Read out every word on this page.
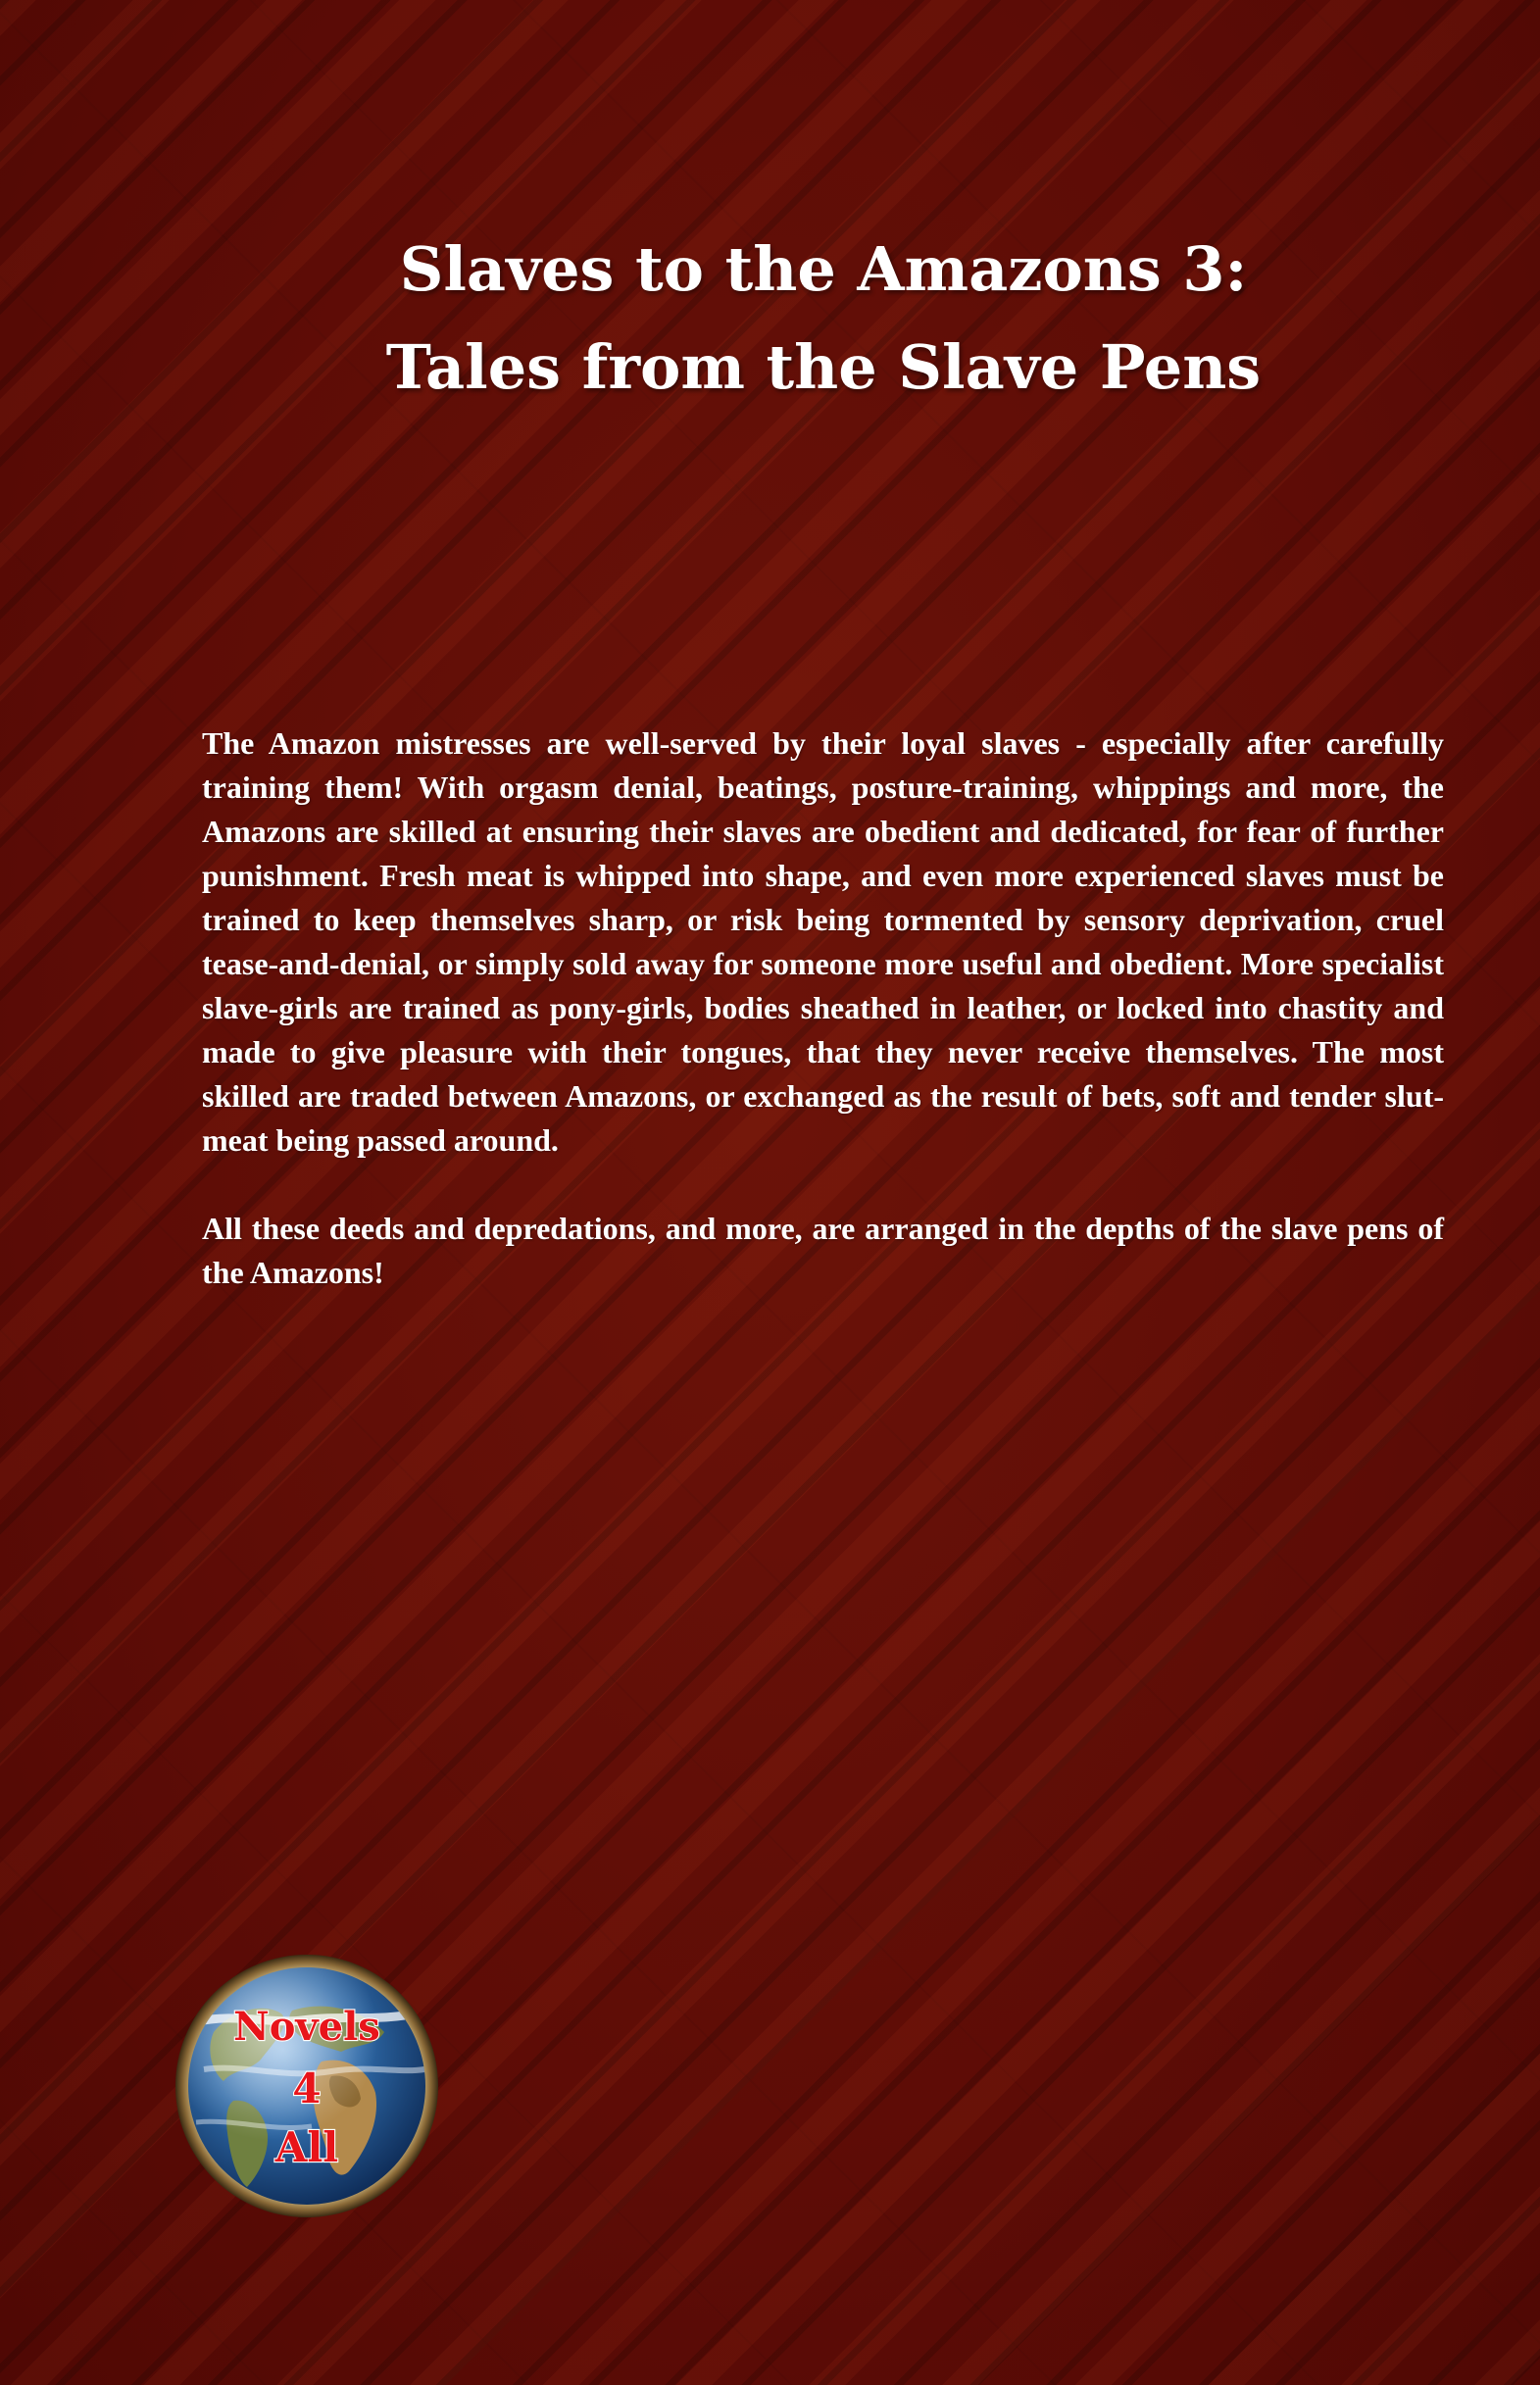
Slaves to the Amazons 3:
Tales from the Slave Pens

The Amazon mistresses are well-served by their loyal slaves - especially after carefully training them! With orgasm denial, beatings, posture-training, whippings and more, the Amazons are skilled at ensuring their slaves are obedient and dedicated, for fear of further punishment. Fresh meat is whipped into shape, and even more experienced slaves must be trained to keep themselves sharp, or risk being tormented by sensory deprivation, cruel tease-and-denial, or simply sold away for someone more useful and obedient. More specialist slave-girls are trained as pony-girls, bodies sheathed in leather, or locked into chastity and made to give pleasure with their tongues, that they never receive themselves. The most skilled are traded between Amazons, or exchanged as the result of bets, soft and tender slut-meat being passed around.

All these deeds and depredations, and more, are arranged in the depths of the slave pens of the Amazons!

Novels
4
All
